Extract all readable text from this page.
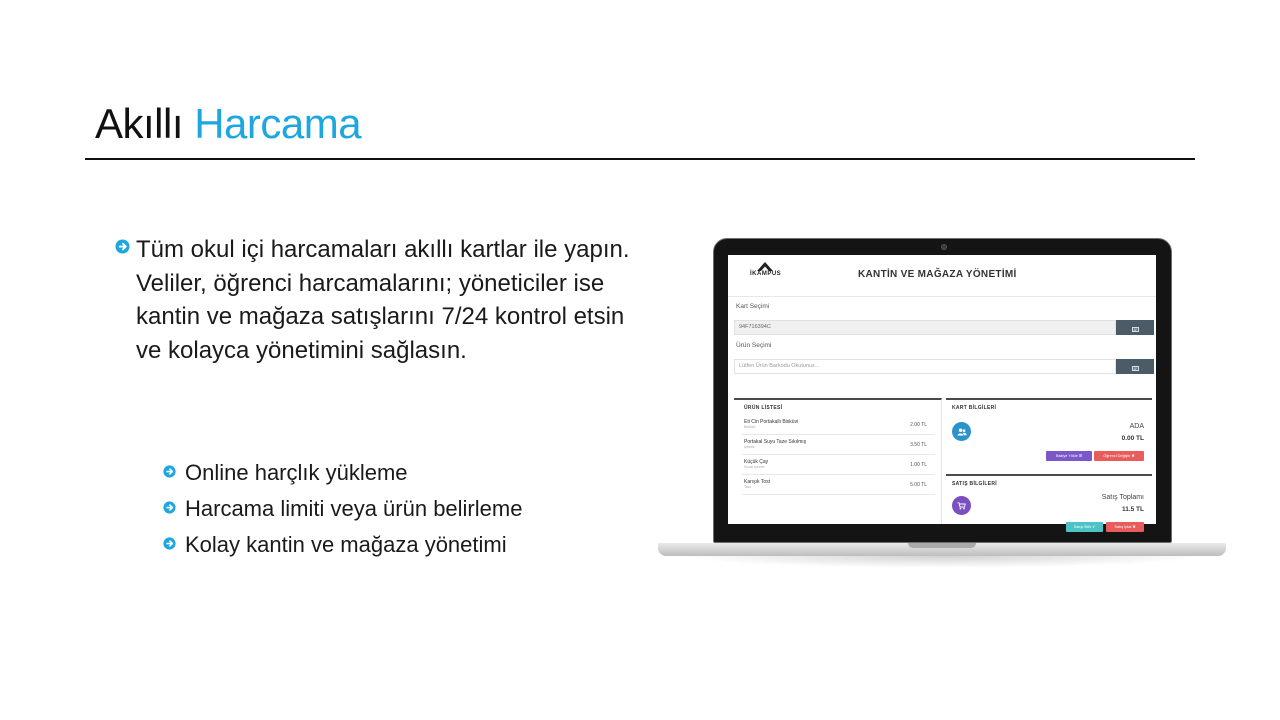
Akıllı Harcama
Tüm okul içi harcamaları akıllı kartlar ile yapın. Veliler, öğrenci harcamalarını; yöneticiler ise kantin ve mağaza satışlarını 7/24 kontrol etsin ve kolayca yönetimini sağlasın.
Online harçlık yükleme
Harcama limiti veya ürün belirleme
Kolay kantin ve mağaza yönetimi
İKAMPUS	KANTİN VE MAĞAZA YÖNETİMİ
Kart Seçimi
94F716394C
Ürün Seçimi
Lütfen Ürün Barkodu Okutunuz...
ÜRÜN LİSTESİ
Eti Cin Portakallı Bisküvi
Bisküvi	2.00 TL
Portakal Suyu Taze Sıkılmış
İçecek	3.50 TL
Küçük Çay
Sıcak İçecek	1.00 TL
Karışık Tost
Tost	5.00 TL
KART BİLGİLERİ
ADA
0.00 TL
Bakiye Yükle ⊞	Öğrenci Değiştir ✖
SATIŞ BİLGİLERİ
Satış Toplamı
11.5 TL
Satışı Bitir ✔	Satış İptal ✖
